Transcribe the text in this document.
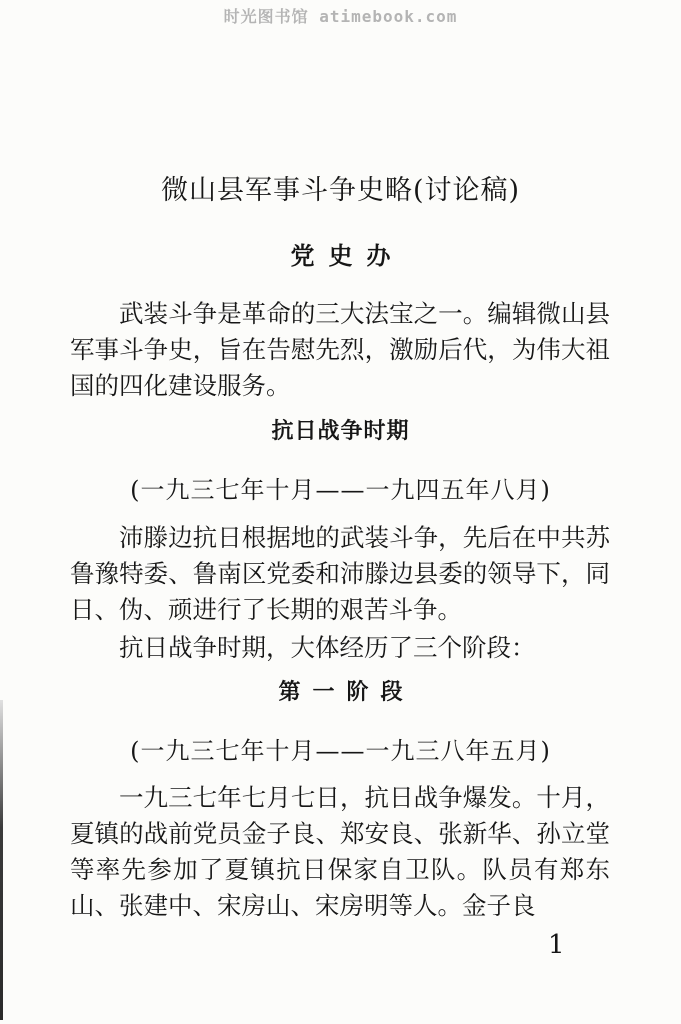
时光图书馆 atimebook.com
微山县军事斗争史略(讨论稿)
党史办

武装斗争是革命的三大法宝之一。编辑微山县军事斗争史，旨在告慰先烈，激励后代，为伟大祖国的四化建设服务。

抗日战争时期
(一九三七年十月——一九四五年八月)

沛滕边抗日根据地的武装斗争，先后在中共苏鲁豫特委、鲁南区党委和沛滕边县委的领导下，同日、伪、顽进行了长期的艰苦斗争。

抗日战争时期，大体经历了三个阶段：

第一阶段
(一九三七年十月——一九三八年五月)

一九三七年七月七日，抗日战争爆发。十月，夏镇的战前党员金子良、郑安良、张新华、孙立堂等率先参加了夏镇抗日保家自卫队。队员有郑东山、张建中、宋房山、宋房明等人。金子良

1
